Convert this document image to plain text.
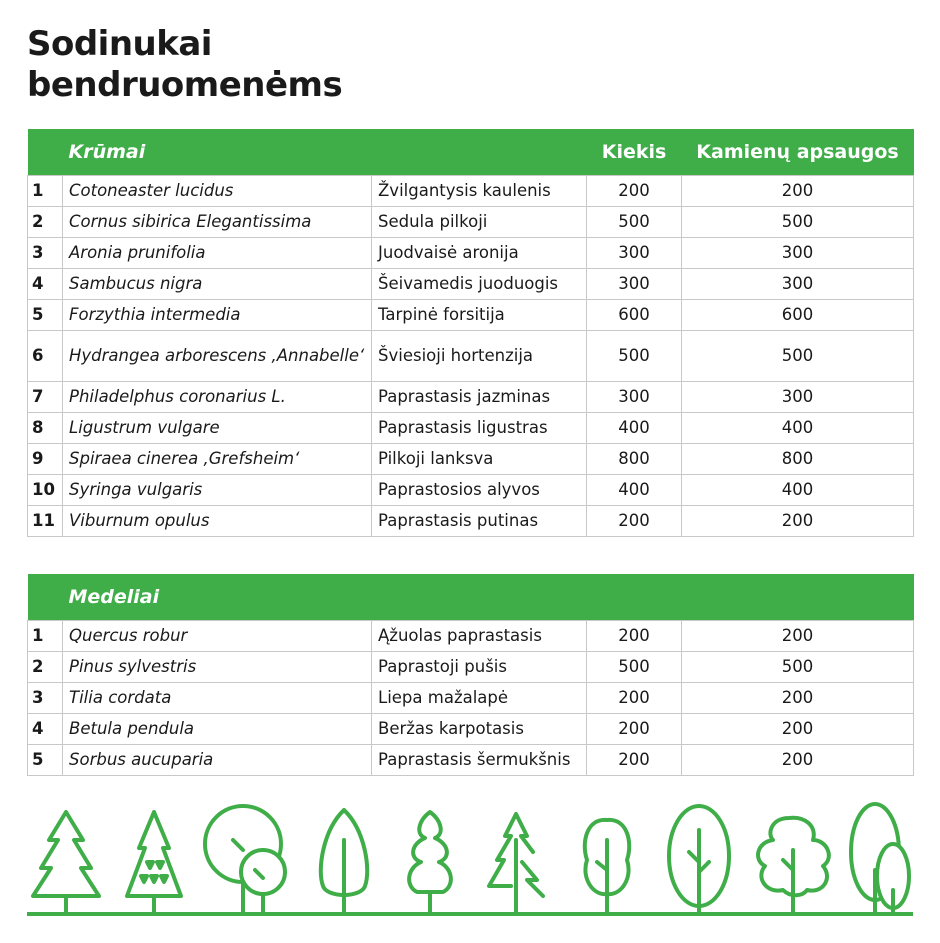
Sodinukai
bendruomenėms
	Krūmai		Kiekis	Kamienų apsaugos
1	Cotoneaster lucidus	Žvilgantysis kaulenis	200	200
2	Cornus sibirica Elegantissima	Sedula pilkoji	500	500
3	Aronia prunifolia	Juodvaisė aronija	300	300
4	Sambucus nigra	Šeivamedis juoduogis	300	300
5	Forzythia intermedia	Tarpinė forsitija	600	600
6	Hydrangea arborescens ‚Annabelle‘	Šviesioji hortenzija	500	500
7	Philadelphus coronarius L.	Paprastasis jazminas	300	300
8	Ligustrum vulgare	Paprastasis ligustras	400	400
9	Spiraea cinerea ‚Grefsheim‘	Pilkoji lanksva	800	800
10	Syringa vulgaris	Paprastosios alyvos	400	400
11	Viburnum opulus	Paprastasis putinas	200	200
	Medeliai			
1	Quercus robur	Ąžuolas paprastasis	200	200
2	Pinus sylvestris	Paprastoji pušis	500	500
3	Tilia cordata	Liepa mažalapė	200	200
4	Betula pendula	Beržas karpotasis	200	200
5	Sorbus aucuparia	Paprastasis šermukšnis	200	200
